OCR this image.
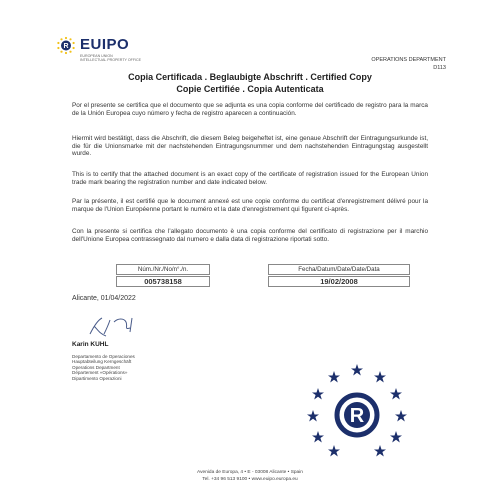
R EUIPO
EUROPEAN UNION
INTELLECTUAL PROPERTY OFFICE	OPERATIONS DEPARTMENT
D113
Copia Certificada . Beglaubigte Abschrift . Certified Copy
Copie Certifiée . Copia Autenticata
Por el presente se certifica que el documento que se adjunta es una copia conforme del certificado de registro para la marca de la Unión Europea cuyo número y fecha de registro aparecen a continuación.
Hiermit wird bestätigt, dass die Abschrift, die diesem Beleg beigeheftet ist, eine genaue Abschrift der Eintragungsurkunde ist, die für die Unionsmarke mit der nachstehenden Eintragungsnummer und dem nachstehenden Eintragungstag ausgestellt wurde.
This is to certify that the attached document is an exact copy of the certificate of registration issued for the European Union trade mark bearing the registration number and date indicated below.
Par la présente, il est certifié que le document annexé est une copie conforme du certificat d'enregistrement délivré pour la marque de l'Union Européenne portant le numéro et la date d'enregistrement qui figurent ci-après.
Con la presente si certifica che l'allegato documento è una copia conforme del certificato di registrazione per il marchio dell'Unione Europea contrassegnato dal numero e dalla data di registrazione riportati sotto.
Núm./Nr./No/n°./n.	Fecha/Datum/Date/Date/Data
005738158	19/02/2008
Alicante, 01/04/2022
Karin KUHL
Departamento de Operaciones
Hauptabteilung Kerngeschäft
Operations Department
Département «Opérations»
Dipartimento Operazioni
R
Avenida de Europa, 4 • E - 03008 Alicante • Spain
Tel. +34 96 513 9100 • www.euipo.europa.eu
